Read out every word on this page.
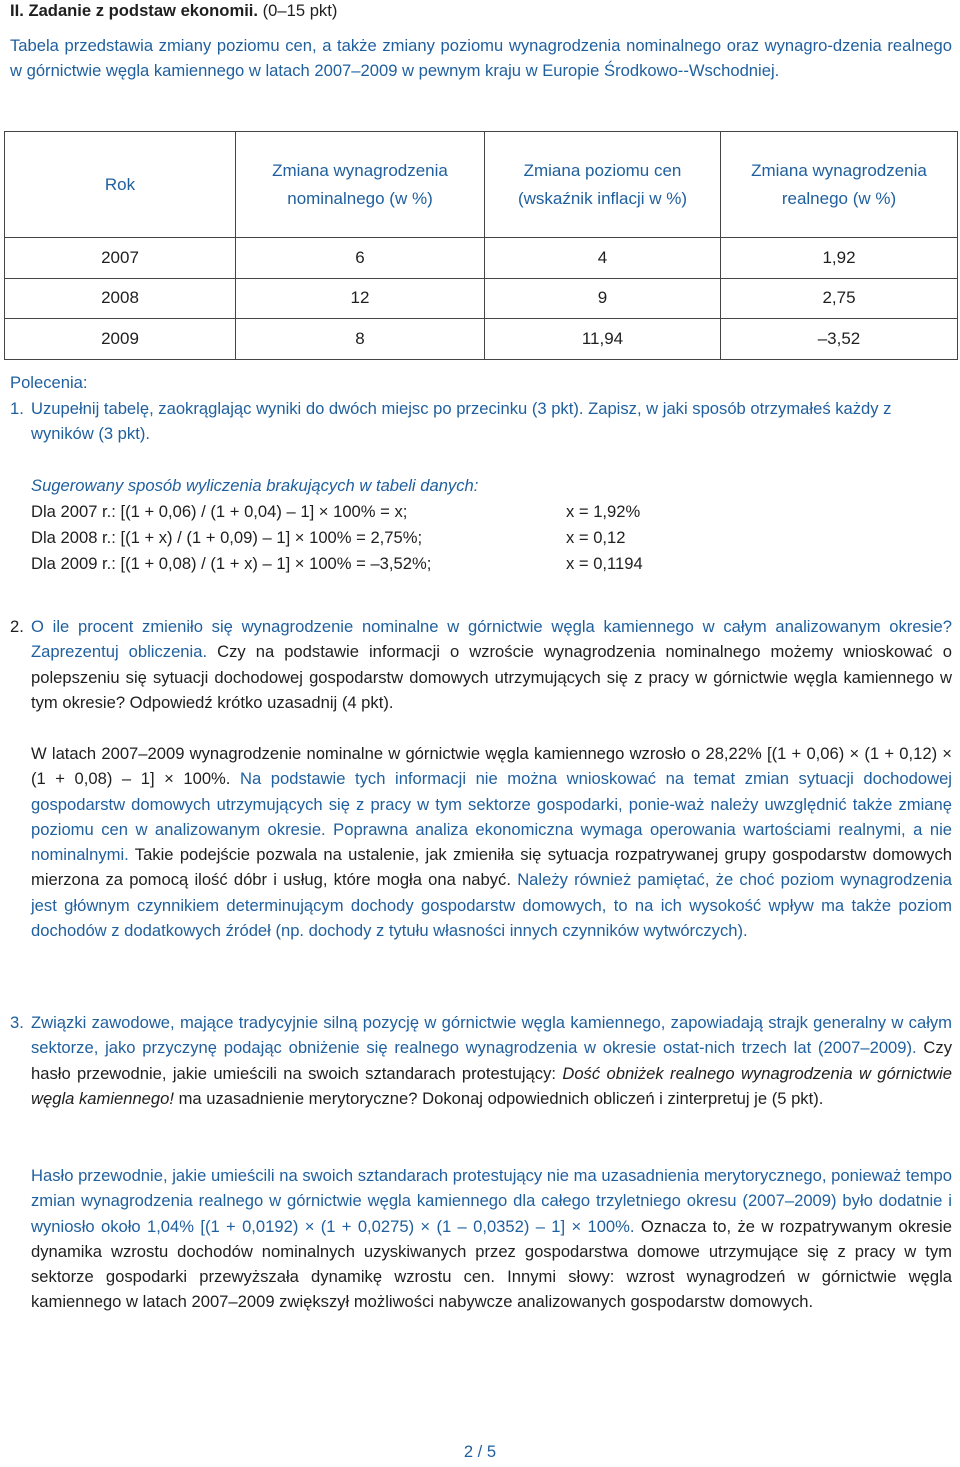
II. Zadanie z podstaw ekonomii. (0–15 pkt)
Tabela przedstawia zmiany poziomu cen, a także zmiany poziomu wynagrodzenia nominalnego oraz wynagro-dzenia realnego w górnictwie węgla kamiennego w latach 2007–2009 w pewnym kraju w Europie Środkowo--Wschodniej.
Rok	Zmiana wynagrodzenia nominalnego (w %)	Zmiana poziomu cen (wskaźnik inflacji w %)	Zmiana wynagrodzenia realnego (w %)
2007	6	4	1,92
2008	12	9	2,75
2009	8	11,94	–3,52
Polecenia:
1. Uzupełnij tabelę, zaokrąglając wyniki do dwóch miejsc po przecinku (3 pkt). Zapisz, w jaki sposób otrzymałeś każdy z wyników (3 pkt).
Sugerowany sposób wyliczenia brakujących w tabeli danych:
Dla 2007 r.: [(1 + 0,06) / (1 + 0,04) – 1] × 100% = x;	x = 1,92%
Dla 2008 r.: [(1 + x) / (1 + 0,09) – 1] × 100% = 2,75%;	x = 0,12
Dla 2009 r.: [(1 + 0,08) / (1 + x) – 1] × 100% = –3,52%;	x = 0,1194
2. O ile procent zmieniło się wynagrodzenie nominalne w górnictwie węgla kamiennego w całym analizowanym okresie? Zaprezentuj obliczenia. Czy na podstawie informacji o wzroście wynagrodzenia nominalnego możemy wnioskować o polepszeniu się sytuacji dochodowej gospodarstw domowych utrzymujących się z pracy w górnictwie węgla kamiennego w tym okresie? Odpowiedź krótko uzasadnij (4 pkt).
W latach 2007–2009 wynagrodzenie nominalne w górnictwie węgla kamiennego wzrosło o 28,22% [(1 + 0,06) × (1 + 0,12) × (1 + 0,08) – 1] × 100%. Na podstawie tych informacji nie można wnioskować na temat zmian sytuacji dochodowej gospodarstw domowych utrzymujących się z pracy w tym sektorze gospodarki, ponie-waż należy uwzględnić także zmianę poziomu cen w analizowanym okresie. Poprawna analiza ekonomiczna wymaga operowania wartościami realnymi, a nie nominalnymi. Takie podejście pozwala na ustalenie, jak zmieniła się sytuacja rozpatrywanej grupy gospodarstw domowych mierzona za pomocą ilość dóbr i usług, które mogła ona nabyć. Należy również pamiętać, że choć poziom wynagrodzenia jest głównym czynnikiem determinującym dochody gospodarstw domowych, to na ich wysokość wpływ ma także poziom dochodów z dodatkowych źródeł (np. dochody z tytułu własności innych czynników wytwórczych).
3. Związki zawodowe, mające tradycyjnie silną pozycję w górnictwie węgla kamiennego, zapowiadają strajk generalny w całym sektorze, jako przyczynę podając obniżenie się realnego wynagrodzenia w okresie ostat-nich trzech lat (2007–2009). Czy hasło przewodnie, jakie umieścili na swoich sztandarach protestujący: Dość obniżek realnego wynagrodzenia w górnictwie węgla kamiennego! ma uzasadnienie merytoryczne? Dokonaj odpowiednich obliczeń i zinterpretuj je (5 pkt).
Hasło przewodnie, jakie umieścili na swoich sztandarach protestujący nie ma uzasadnienia merytorycznego, ponieważ tempo zmian wynagrodzenia realnego w górnictwie węgla kamiennego dla całego trzyletniego okresu (2007–2009) było dodatnie i wyniosło około 1,04% [(1 + 0,0192) × (1 + 0,0275) × (1 – 0,0352) – 1] × 100%. Oznacza to, że w rozpatrywanym okresie dynamika wzrostu dochodów nominalnych uzyskiwanych przez gospodarstwa domowe utrzymujące się z pracy w tym sektorze gospodarki przewyższała dynamikę wzrostu cen. Innymi słowy: wzrost wynagrodzeń w górnictwie węgla kamiennego w latach 2007–2009 zwiększył możliwości nabywcze analizowanych gospodarstw domowych.
2 / 5
